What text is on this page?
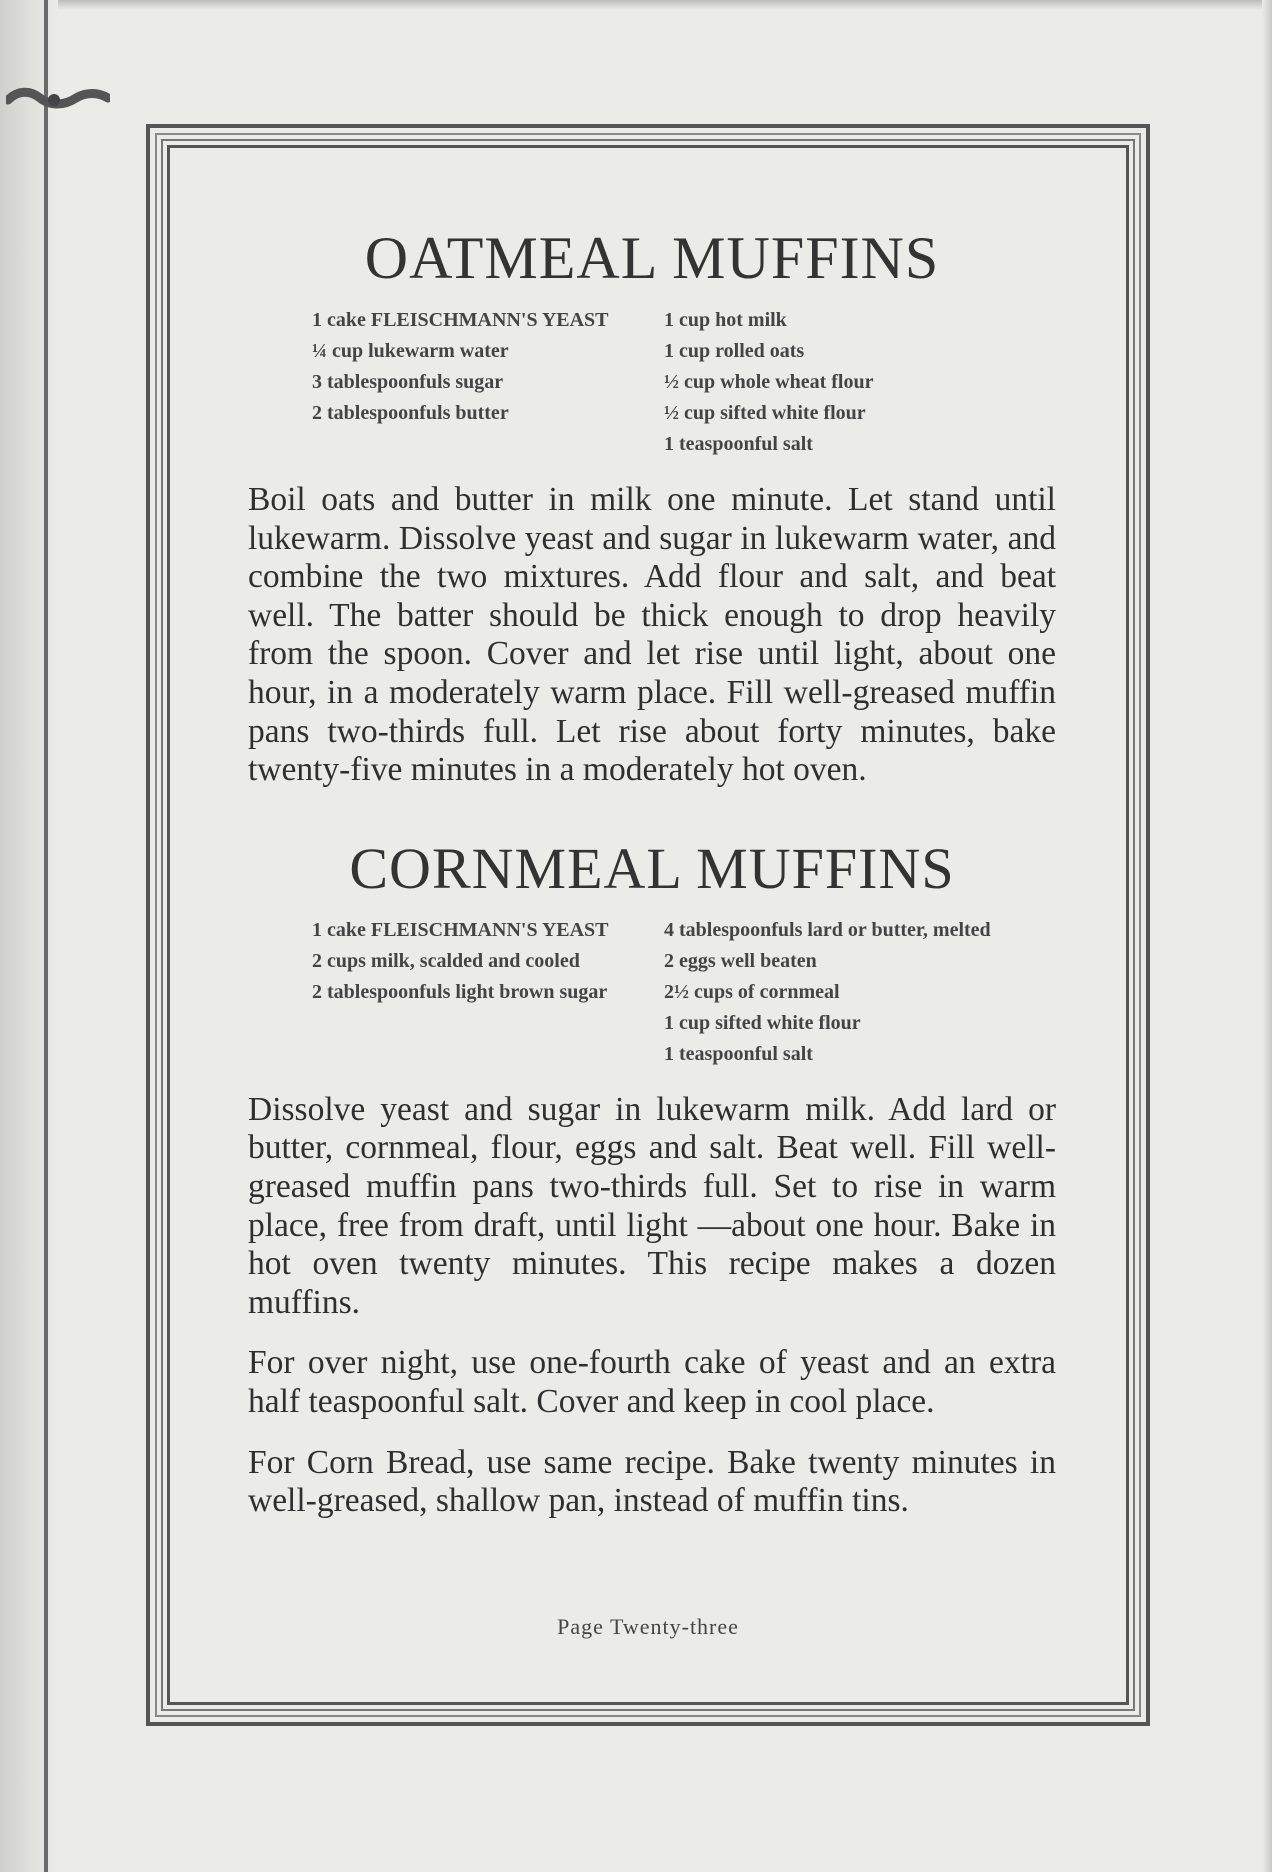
OATMEAL MUFFINS
1 cake FLEISCHMANN'S YEAST
¼ cup lukewarm water
3 tablespoonfuls sugar
2 tablespoonfuls butter
1 cup hot milk
1 cup rolled oats
½ cup whole wheat flour
½ cup sifted white flour
1 teaspoonful salt

Boil oats and butter in milk one minute. Let stand until lukewarm. Dissolve yeast and sugar in lukewarm water, and combine the two mixtures. Add flour and salt, and beat well. The batter should be thick enough to drop heavily from the spoon. Cover and let rise until light, about one hour, in a moderately warm place. Fill well-greased muffin pans two-thirds full. Let rise about forty minutes, bake twenty-five minutes in a moderately hot oven.

CORNMEAL MUFFINS
1 cake FLEISCHMANN'S YEAST
2 cups milk, scalded and cooled
2 tablespoonfuls light brown sugar
4 tablespoonfuls lard or butter, melted
2 eggs well beaten
2½ cups of cornmeal
1 cup sifted white flour
1 teaspoonful salt

Dissolve yeast and sugar in lukewarm milk. Add lard or butter, cornmeal, flour, eggs and salt. Beat well. Fill well-greased muffin pans two-thirds full. Set to rise in warm place, free from draft, until light —about one hour. Bake in hot oven twenty minutes. This recipe makes a dozen muffins.

For over night, use one-fourth cake of yeast and an extra half teaspoonful salt. Cover and keep in cool place.

For Corn Bread, use same recipe. Bake twenty minutes in well-greased, shallow pan, instead of muffin tins.

Page Twenty-three
